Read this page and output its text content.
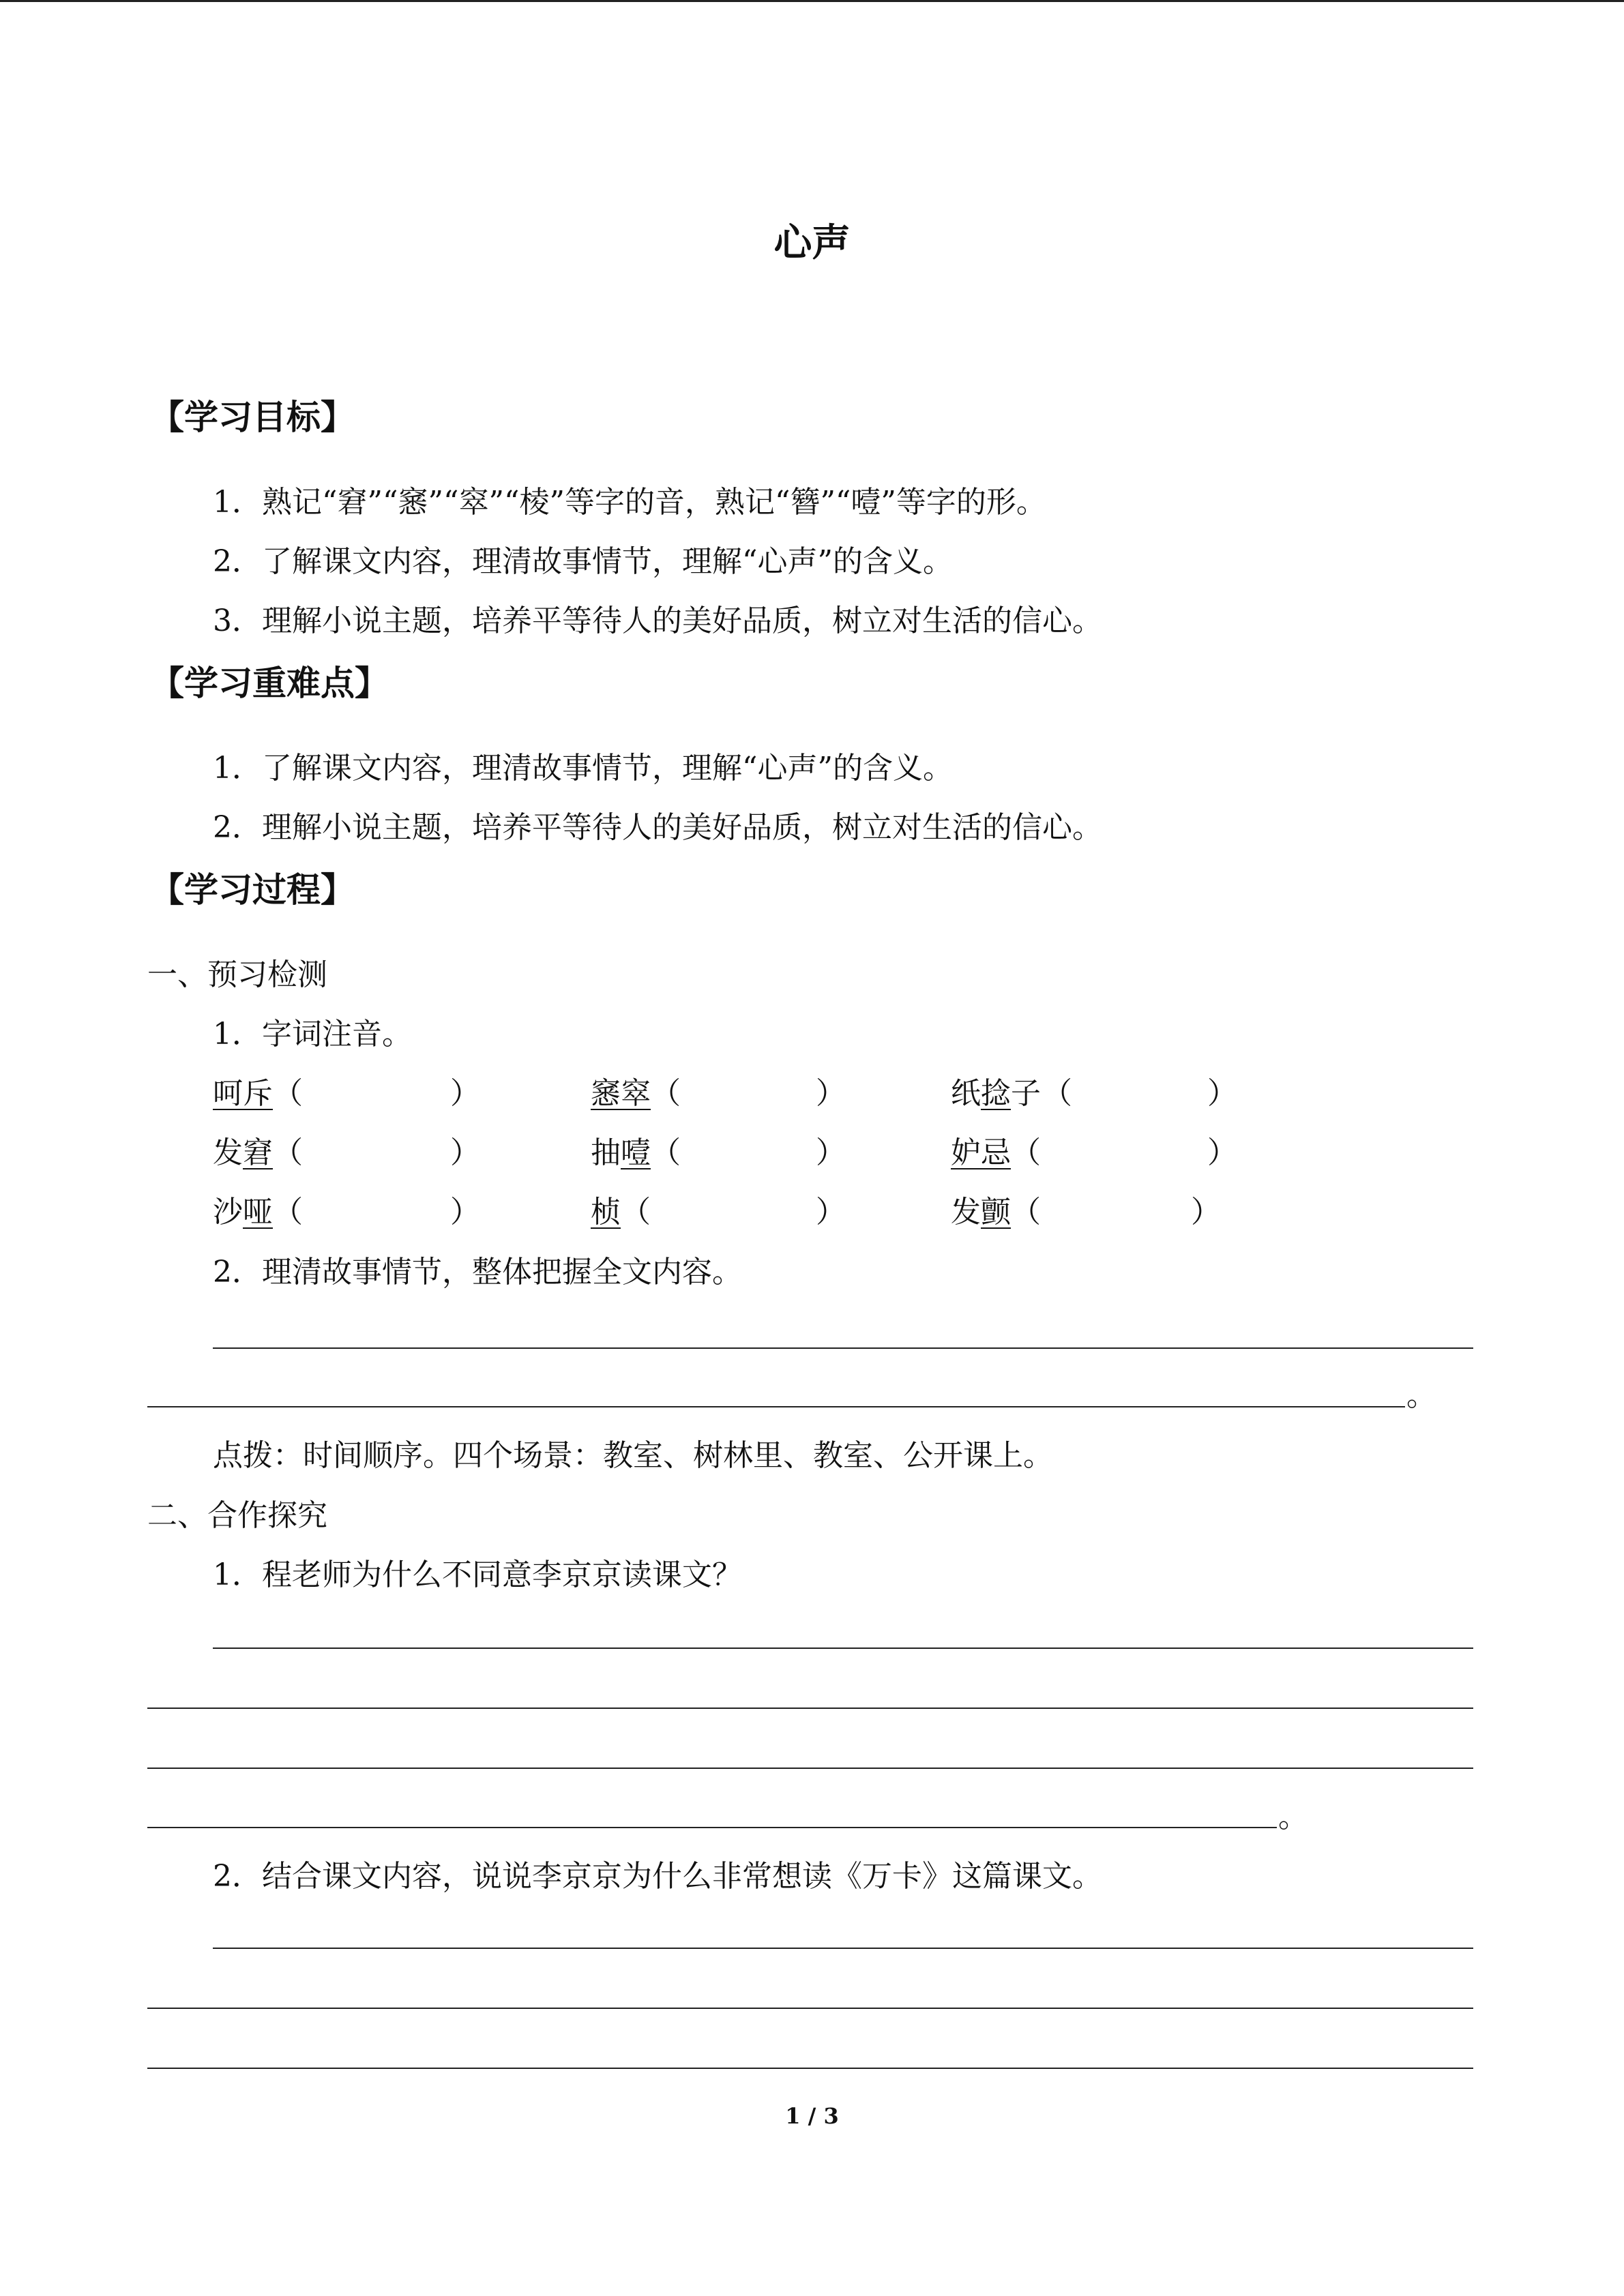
心声
【学习目标】
1．熟记“窘”“窸”“窣”“棱”等字的音，熟记“簪”“噎”等字的形。
2．了解课文内容，理清故事情节，理解“心声”的含义。
3．理解小说主题，培养平等待人的美好品质，树立对生活的信心。
【学习重难点】
1．了解课文内容，理清故事情节，理解“心声”的含义。
2．理解小说主题，培养平等待人的美好品质，树立对生活的信心。
【学习过程】
一、预习检测
1．字词注音。
呵斥 （	）	窸窣 （	）	纸捻子 （	）
发窘 （	）	抽噎 （	）	妒忌 （	）
沙哑 （	）	桢 （	）	发颤 （	）
2．理清故事情节，整体把握全文内容。
。
点拨：时间顺序。四个场景：教室、树林里、教室、公开课上。
二、合作探究
1．程老师为什么不同意李京京读课文？
。
2．结合课文内容，说说李京京为什么非常想读《万卡》这篇课文。
1 / 3
